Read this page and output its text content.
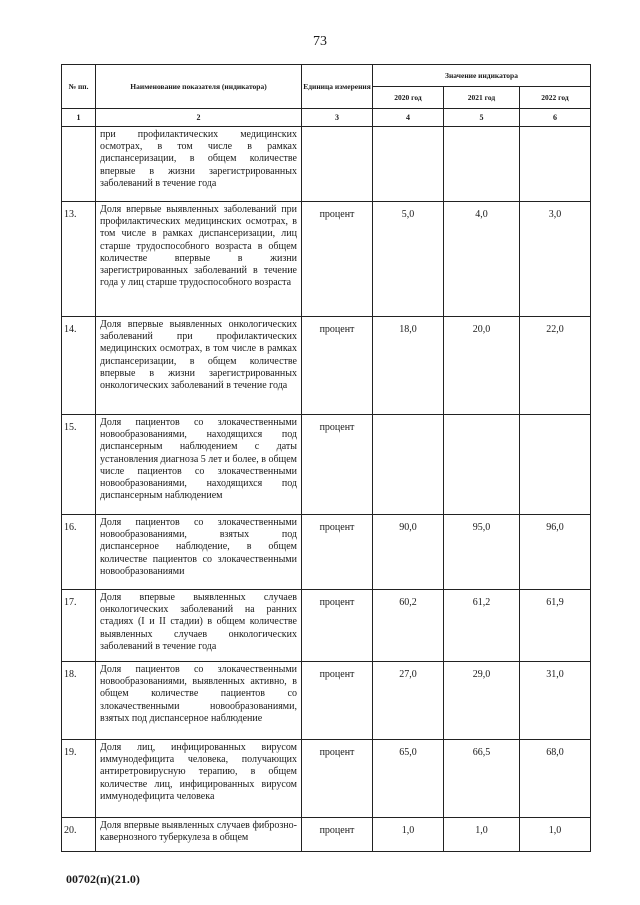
73
№ пп.	Наименование показателя (индикатора)	Единица измерения	Значение индикатора		
			2020 год	2021 год	2022 год
1	2	3	4	5	6
	при профилактических медицинских осмотрах, в том числе в рамках диспансеризации, в общем количестве впервые в жизни зарегистрированных заболеваний в течение года				
13.	Доля впервые выявленных заболеваний при профилактических медицинских осмотрах, в том числе в рамках диспансеризации, лиц старше трудоспособного возраста в общем количестве впервые в жизни зарегистрированных заболеваний в течение года у лиц старше трудоспособного возраста	процент	5,0	4,0	3,0
14.	Доля впервые выявленных онкологических заболеваний при профилактических медицинских осмотрах, в том числе в рамках диспансеризации, в общем количестве впервые в жизни зарегистрированных онкологических заболеваний в течение года	процент	18,0	20,0	22,0
15.	Доля пациентов со злокачественными новообразованиями, находящихся под диспансерным наблюдением с даты установления диагноза 5 лет и более, в общем числе пациентов со злокачественными новообразованиями, находящихся под диспансерным наблюдением	процент			
16.	Доля пациентов со злокачественными новообразованиями, взятых под диспансерное наблюдение, в общем количестве пациентов со злокачественными новообразованиями	процент	90,0	95,0	96,0
17.	Доля впервые выявленных случаев онкологических заболеваний на ранних стадиях (I и II стадии) в общем количестве выявленных случаев онкологических заболеваний в течение года	процент	60,2	61,2	61,9
18.	Доля пациентов со злокачественными новообразованиями, выявленных активно, в общем количестве пациентов со злокачественными новообразованиями, взятых под диспансерное наблюдение	процент	27,0	29,0	31,0
19.	Доля лиц, инфицированных вирусом иммунодефицита человека, получающих антиретровирусную терапию, в общем количестве лиц, инфицированных вирусом иммунодефицита человека	процент	65,0	66,5	68,0
20.	Доля впервые выявленных случаев фиброзно-кавернозного туберкулеза в общем	процент	1,0	1,0	1,0
00702(п)(21.0)
